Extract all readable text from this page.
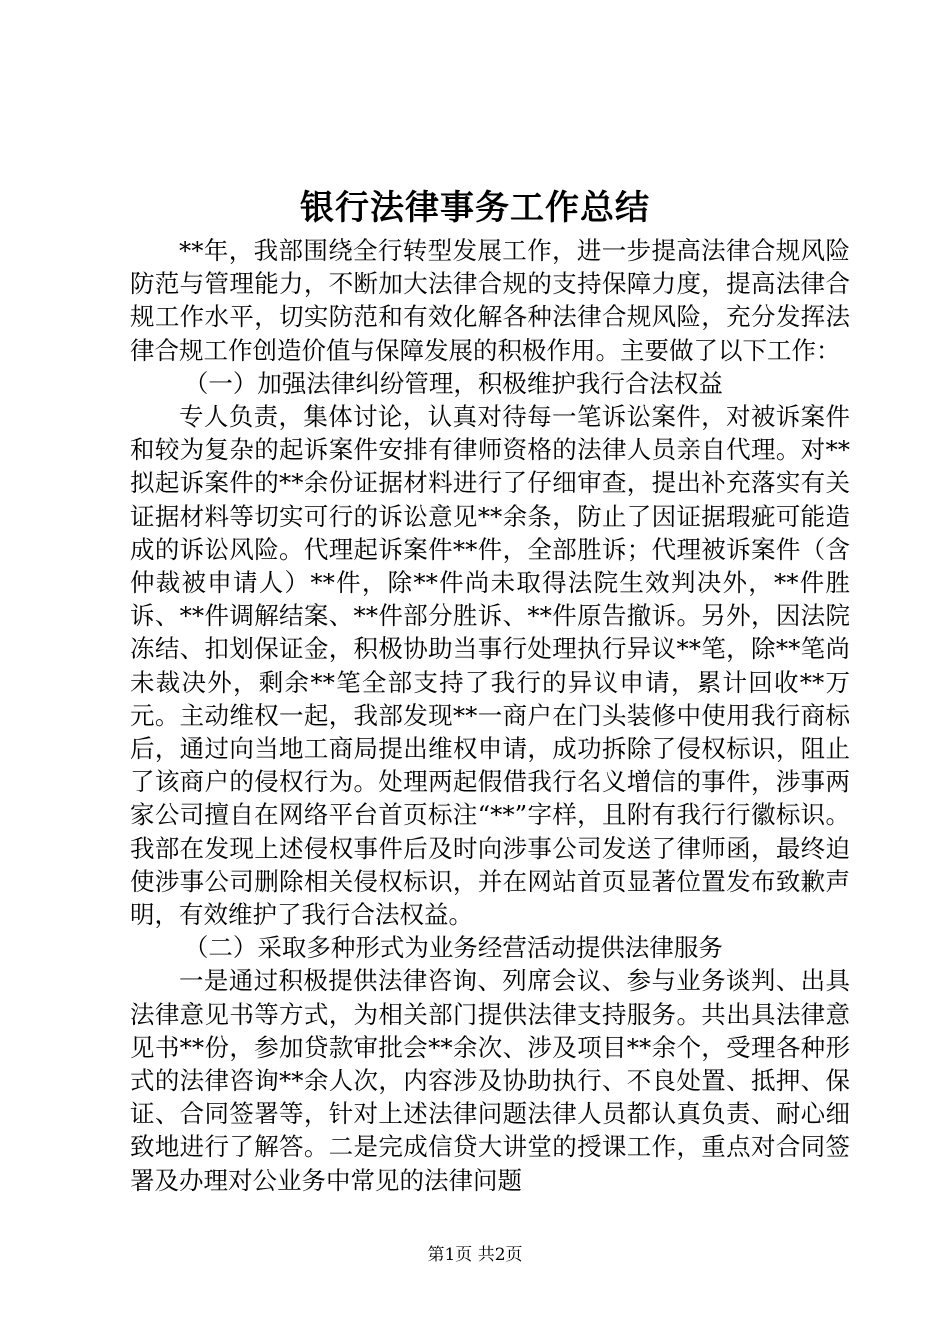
银行法律事务工作总结

**年，我部围绕全行转型发展工作，进一步提高法律合规风险防范与管理能力，不断加大法律合规的支持保障力度，提高法律合规工作水平，切实防范和有效化解各种法律合规风险，充分发挥法律合规工作创造价值与保障发展的积极作用。主要做了以下工作：

（一）加强法律纠纷管理，积极维护我行合法权益

专人负责，集体讨论，认真对待每一笔诉讼案件，对被诉案件和较为复杂的起诉案件安排有律师资格的法律人员亲自代理。对**拟起诉案件的**余份证据材料进行了仔细审查，提出补充落实有关证据材料等切实可行的诉讼意见**余条，防止了因证据瑕疵可能造成的诉讼风险。代理起诉案件**件，全部胜诉；代理被诉案件（含仲裁被申请人）**件，除**件尚未取得法院生效判决外，**件胜诉、**件调解结案、**件部分胜诉、**件原告撤诉。另外，因法院冻结、扣划保证金，积极协助当事行处理执行异议**笔，除**笔尚未裁决外，剩余**笔全部支持了我行的异议申请，累计回收**万元。主动维权一起，我部发现**一商户在门头装修中使用我行商标后，通过向当地工商局提出维权申请，成功拆除了侵权标识，阻止了该商户的侵权行为。处理两起假借我行名义增信的事件，涉事两家公司擅自在网络平台首页标注“**”字样，且附有我行行徽标识。我部在发现上述侵权事件后及时向涉事公司发送了律师函，最终迫使涉事公司删除相关侵权标识，并在网站首页显著位置发布致歉声明，有效维护了我行合法权益。

（二）采取多种形式为业务经营活动提供法律服务

一是通过积极提供法律咨询、列席会议、参与业务谈判、出具法律意见书等方式，为相关部门提供法律支持服务。共出具法律意见书**份，参加贷款审批会**余次、涉及项目**余个，受理各种形式的法律咨询**余人次，内容涉及协助执行、不良处置、抵押、保证、合同签署等，针对上述法律问题法律人员都认真负责、耐心细致地进行了解答。二是完成信贷大讲堂的授课工作，重点对合同签署及办理对公业务中常见的法律问题

第1页 共2页
